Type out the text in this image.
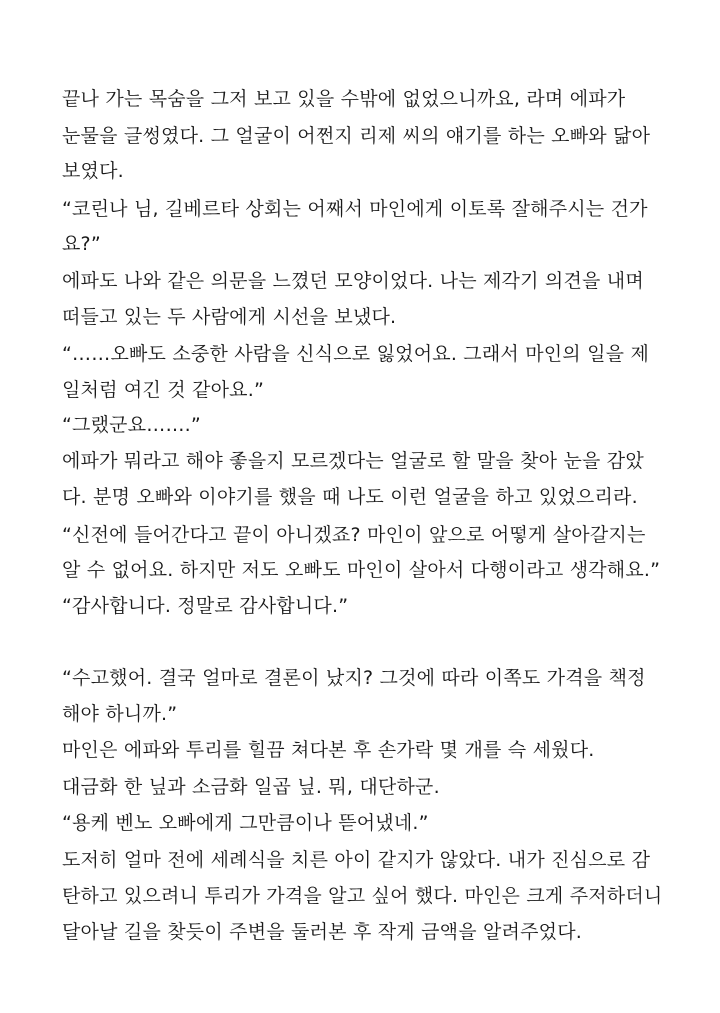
끝나 가는 목숨을 그저 보고 있을 수밖에 없었으니까요, 라며 에파가
눈물을 글썽였다. 그 얼굴이 어쩐지 리제 씨의 얘기를 하는 오빠와 닮아
보였다.
“코린나 님, 길베르타 상회는 어째서 마인에게 이토록 잘해주시는 건가
요?”
에파도 나와 같은 의문을 느꼈던 모양이었다. 나는 제각기 의견을 내며
떠들고 있는 두 사람에게 시선을 보냈다.
“……오빠도 소중한 사람을 신식으로 잃었어요. 그래서 마인의 일을 제
일처럼 여긴 것 같아요.”
“그랬군요…….”
에파가 뭐라고 해야 좋을지 모르겠다는 얼굴로 할 말을 찾아 눈을 감았
다. 분명 오빠와 이야기를 했을 때 나도 이런 얼굴을 하고 있었으리라.
“신전에 들어간다고 끝이 아니겠죠? 마인이 앞으로 어떻게 살아갈지는
알 수 없어요. 하지만 저도 오빠도 마인이 살아서 다행이라고 생각해요.”
“감사합니다. 정말로 감사합니다.”
“수고했어. 결국 얼마로 결론이 났지? 그것에 따라 이쪽도 가격을 책정
해야 하니까.”
마인은 에파와 투리를 힐끔 쳐다본 후 손가락 몇 개를 슥 세웠다.
대금화 한 닢과 소금화 일곱 닢. 뭐, 대단하군.
“용케 벤노 오빠에게 그만큼이나 뜯어냈네.”
도저히 얼마 전에 세례식을 치른 아이 같지가 않았다. 내가 진심으로 감
탄하고 있으려니 투리가 가격을 알고 싶어 했다. 마인은 크게 주저하더니
달아날 길을 찾듯이 주변을 둘러본 후 작게 금액을 알려주었다.
